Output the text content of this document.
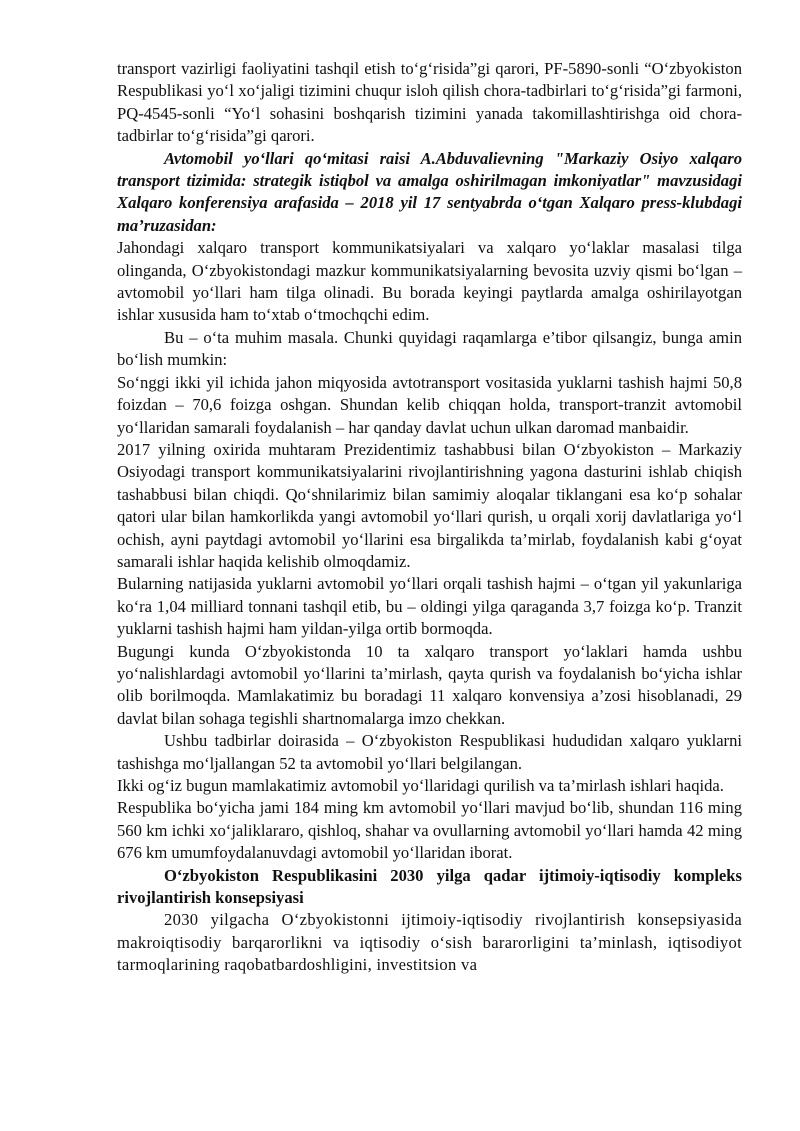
transport vazirligi faoliyatini tashqil etish to‘g‘risida”gi qarori, PF-5890-sonli “O‘zbyokiston Respublikasi yo‘l xo‘jaligi tizimini chuqur isloh qilish chora-tadbirlari to‘g‘risida”gi farmoni, PQ-4545-sonli “Yo‘l sohasini boshqarish tizimini yanada takomillashtirishga oid chora-tadbirlar to‘g‘risida”gi qarori.

Avtomobil yo‘llari qo‘mitasi raisi A.Abduvalievning "Markaziy Osiyo xalqaro transport tizimida: strategik istiqbol va amalga oshirilmagan imkoniyatlar" mavzusidagi Xalqaro konferensiya arafasida – 2018 yil 17 sentyabrda o‘tgan Xalqaro press-klubdagi ma’ruzasidan:

Jahondagi xalqaro transport kommunikatsiyalari va xalqaro yo‘laklar masalasi tilga olinganda, O‘zbyokistondagi mazkur kommunikatsiyalarning bevosita uzviy qismi bo‘lgan – avtomobil yo‘llari ham tilga olinadi. Bu borada keyingi paytlarda amalga oshirilayotgan ishlar xususida ham to‘xtab o‘tmochqchi edim.

Bu – o‘ta muhim masala. Chunki quyidagi raqamlarga e’tibor qilsangiz, bunga amin bo‘lish mumkin:

So‘nggi ikki yil ichida jahon miqyosida avtotransport vositasida yuklarni tashish hajmi 50,8 foizdan – 70,6 foizga oshgan. Shundan kelib chiqqan holda, transport-tranzit avtomobil yo‘llaridan samarali foydalanish – har qanday davlat uchun ulkan daromad manbaidir.

2017 yilning oxirida muhtaram Prezidentimiz tashabbusi bilan O‘zbyokiston – Markaziy Osiyodagi transport kommunikatsiyalarini rivojlantirishning yagona dasturini ishlab chiqish tashabbusi bilan chiqdi. Qo‘shnilarimiz bilan samimiy aloqalar tiklangani esa ko‘p sohalar qatori ular bilan hamkorlikda yangi avtomobil yo‘llari qurish, u orqali xorij davlatlariga yo‘l ochish, ayni paytdagi avtomobil yo‘llarini esa birgalikda ta’mirlab, foydalanish kabi g‘oyat samarali ishlar haqida kelishib olmoqdamiz.

Bularning natijasida yuklarni avtomobil yo‘llari orqali tashish hajmi – o‘tgan yil yakunlariga ko‘ra 1,04 milliard tonnani tashqil etib, bu – oldingi yilga qaraganda 3,7 foizga ko‘p. Tranzit yuklarni tashish hajmi ham yildan-yilga ortib bormoqda.

Bugungi kunda O‘zbyokistonda 10 ta xalqaro transport yo‘laklari hamda ushbu yo‘nalishlardagi avtomobil yo‘llarini ta’mirlash, qayta qurish va foydalanish bo‘yicha ishlar olib borilmoqda. Mamlakatimiz bu boradagi 11 xalqaro konvensiya a’zosi hisoblanadi, 29 davlat bilan sohaga tegishli shartnomalarga imzo chekkan.

Ushbu tadbirlar doirasida – O‘zbyokiston Respublikasi hududidan xalqaro yuklarni tashishga mo‘ljallangan 52 ta avtomobil yo‘llari belgilangan.

Ikki og‘iz bugun mamlakatimiz avtomobil yo‘llaridagi qurilish va ta’mirlash ishlari haqida.

Respublika bo‘yicha jami 184 ming km avtomobil yo‘llari mavjud bo‘lib, shundan 116 ming 560 km ichki xo‘jaliklararo, qishloq, shahar va ovullarning avtomobil yo‘llari hamda 42 ming 676 km umumfoydalanuvdagi avtomobil yo‘llaridan iborat.

O‘zbyokiston Respublikasini 2030 yilga qadar ijtimoiy-iqtisodiy kompleks rivojlantirish konsepsiyasi

2030 yilgacha O‘zbyokistonni ijtimoiy-iqtisodiy rivojlantirish konsepsiyasida makroiqtisodiy barqarorlikni va iqtisodiy o‘sish bararorligini ta’minlash, iqtisodiyot tarmoqlarining raqobatbardoshligini, investitsion va
